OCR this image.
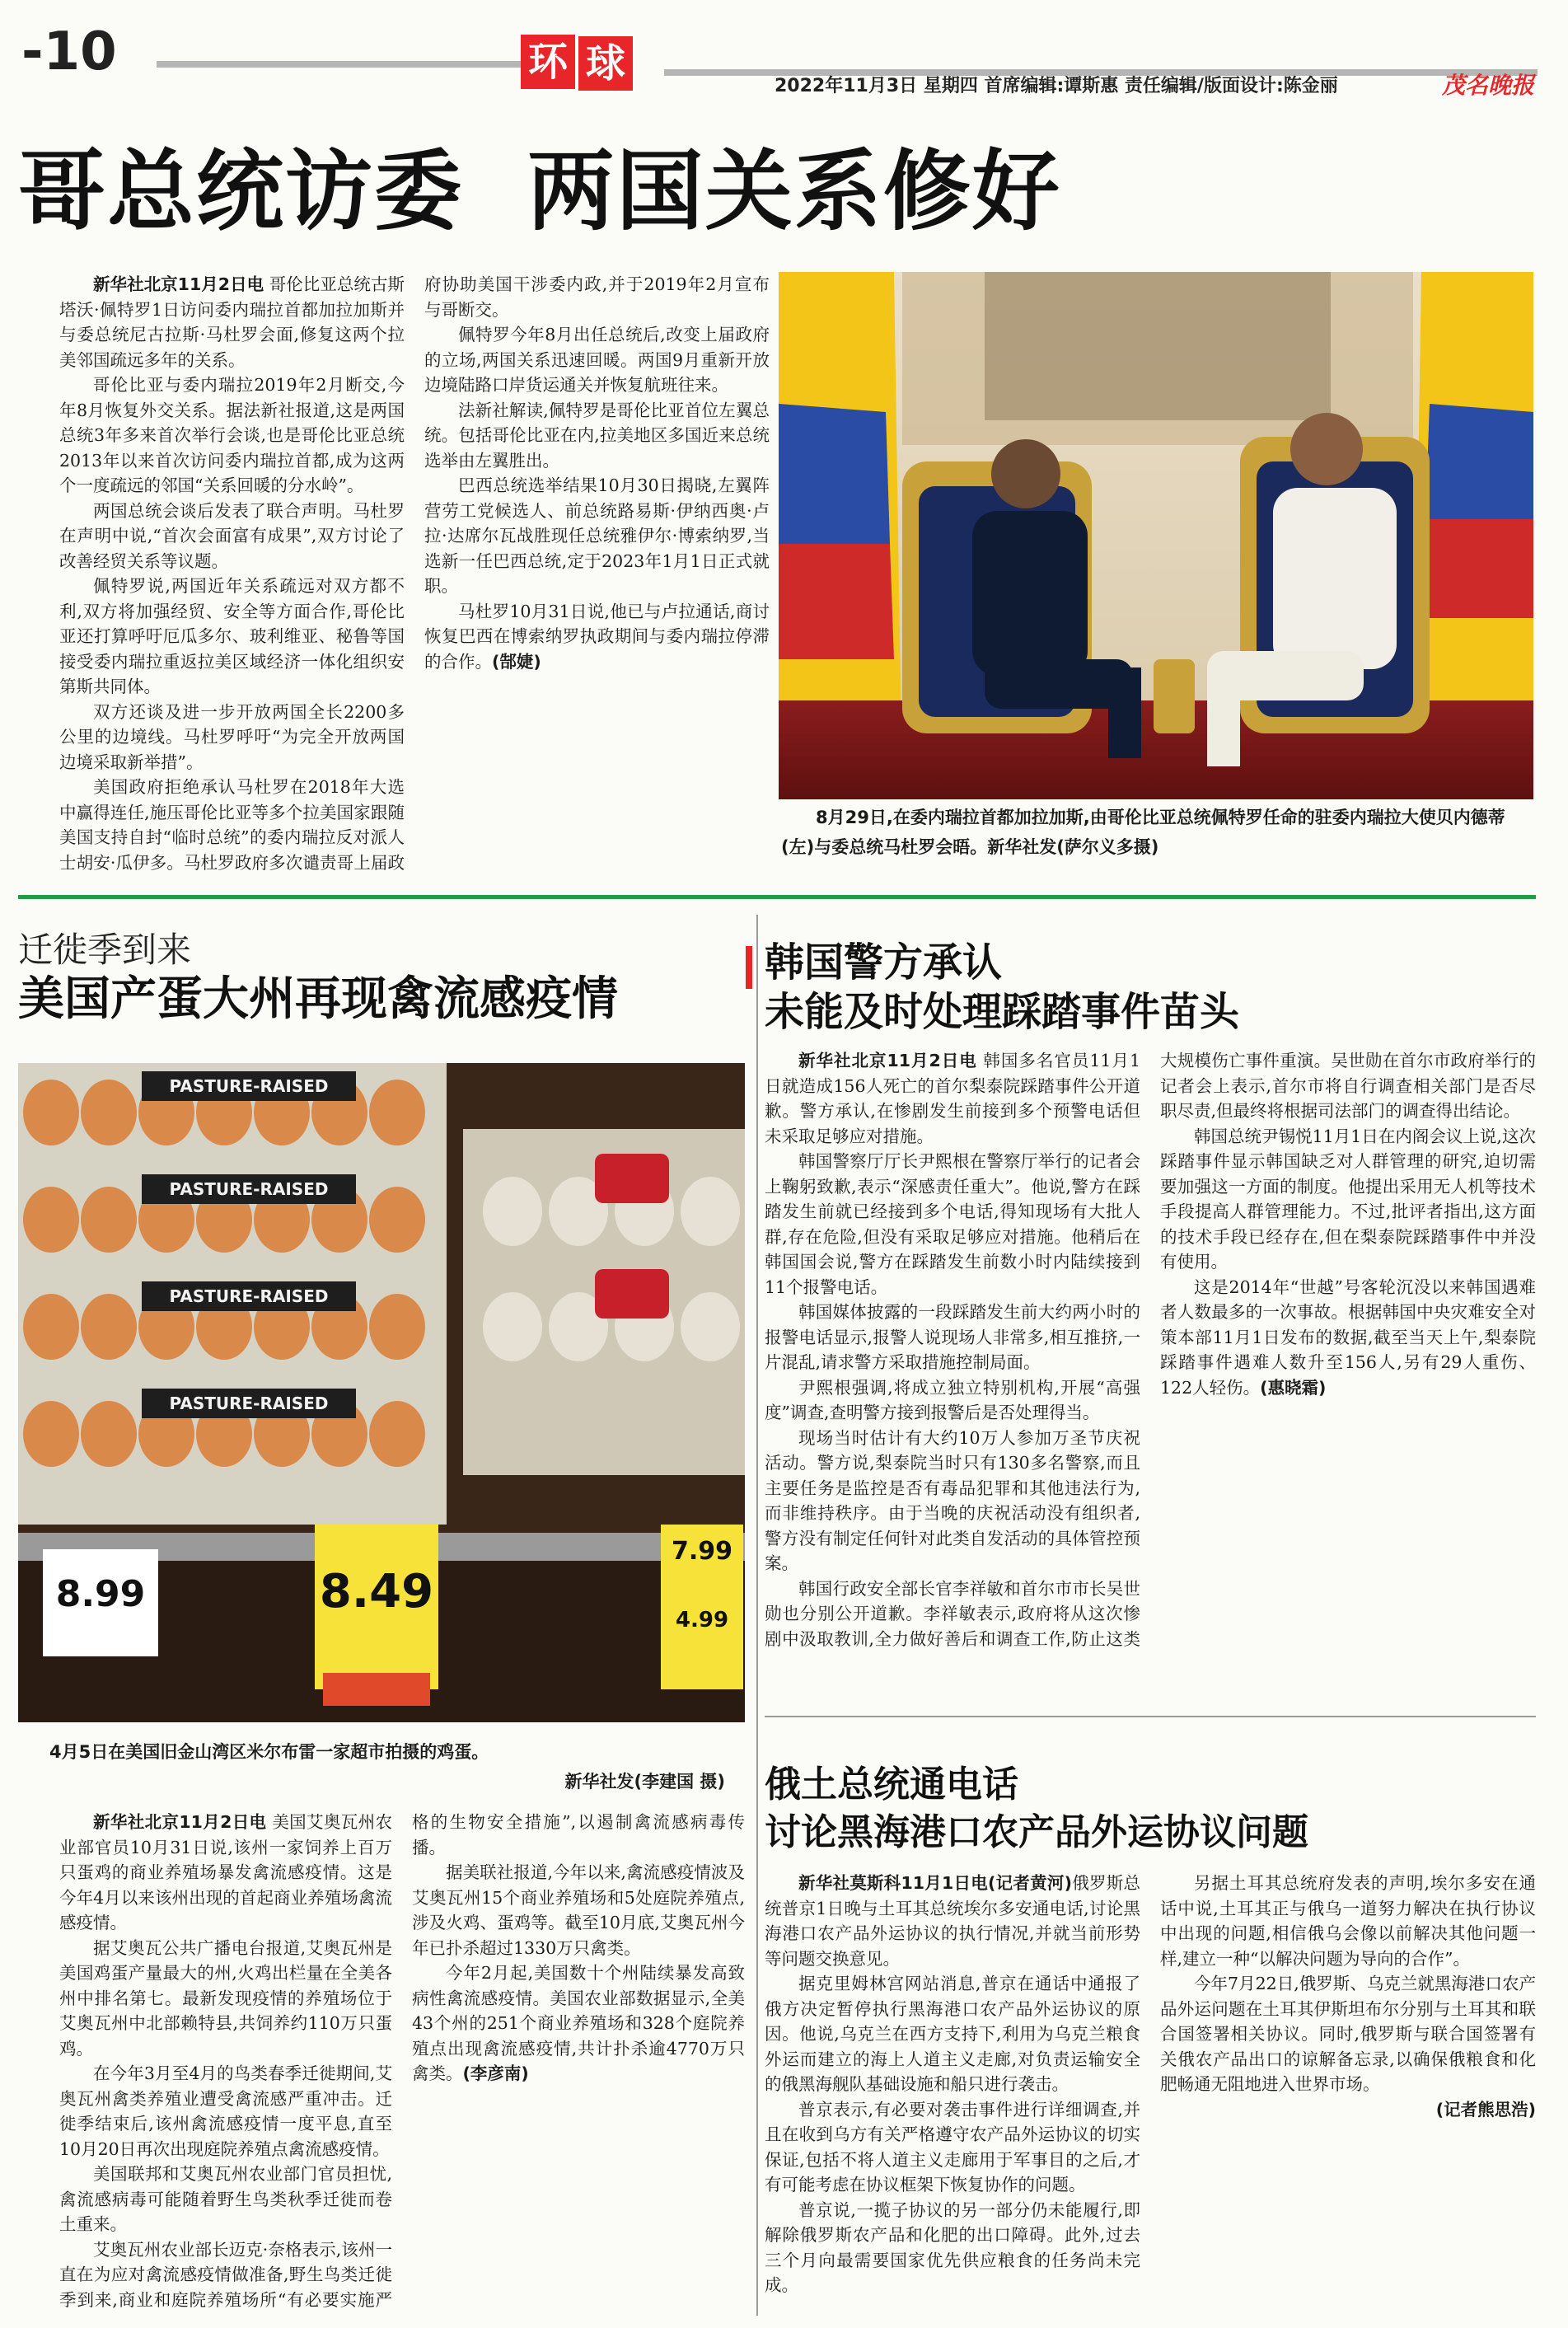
-10	环 球	2022年11月3日 星期四 首席编辑:谭斯惠 责任编辑/版面设计:陈金丽	茂名晚报
哥总统访委  两国关系修好

新华社北京11月2日电 哥伦比亚总统古斯塔沃·佩特罗1日访问委内瑞拉首都加拉加斯并与委总统尼古拉斯·马杜罗会面,修复这两个拉美邻国疏远多年的关系。

哥伦比亚与委内瑞拉2019年2月断交,今年8月恢复外交关系。据法新社报道,这是两国总统3年多来首次举行会谈,也是哥伦比亚总统2013年以来首次访问委内瑞拉首都,成为这两个一度疏远的邻国“关系回暖的分水岭”。

两国总统会谈后发表了联合声明。马杜罗在声明中说,“首次会面富有成果”,双方讨论了改善经贸关系等议题。

佩特罗说,两国近年关系疏远对双方都不利,双方将加强经贸、安全等方面合作,哥伦比亚还打算呼吁厄瓜多尔、玻利维亚、秘鲁等国接受委内瑞拉重返拉美区域经济一体化组织安第斯共同体。

双方还谈及进一步开放两国全长2200多公里的边境线。马杜罗呼吁“为完全开放两国边境采取新举措”。

美国政府拒绝承认马杜罗在2018年大选中赢得连任,施压哥伦比亚等多个拉美国家跟随美国支持自封“临时总统”的委内瑞拉反对派人士胡安·瓜伊多。马杜罗政府多次谴责哥上届政府协助美国干涉委内政,并于2019年2月宣布与哥断交。

佩特罗今年8月出任总统后,改变上届政府的立场,两国关系迅速回暖。两国9月重新开放边境陆路口岸货运通关并恢复航班往来。

法新社解读,佩特罗是哥伦比亚首位左翼总统。包括哥伦比亚在内,拉美地区多国近来总统选举由左翼胜出。

巴西总统选举结果10月30日揭晓,左翼阵营劳工党候选人、前总统路易斯·伊纳西奥·卢拉·达席尔瓦战胜现任总统雅伊尔·博索纳罗,当选新一任巴西总统,定于2023年1月1日正式就职。

马杜罗10月31日说,他已与卢拉通话,商讨恢复巴西在博索纳罗执政期间与委内瑞拉停滞的合作。(郜婕)

8月29日,在委内瑞拉首都加拉加斯,由哥伦比亚总统佩特罗任命的驻委内瑞拉大使贝内德蒂(左)与委总统马杜罗会晤。新华社发(萨尔义多摄)
迁徙季到来
美国产蛋大州再现禽流感疫情
PASTURE-RAISED
PASTURE-RAISED
PASTURE-RAISED
PASTURE-RAISED
8.99	8.49
7.99
4.99
4月5日在美国旧金山湾区米尔布雷一家超市拍摄的鸡蛋。
新华社发(李建国 摄)

新华社北京11月2日电 美国艾奥瓦州农业部官员10月31日说,该州一家饲养上百万只蛋鸡的商业养殖场暴发禽流感疫情。这是今年4月以来该州出现的首起商业养殖场禽流感疫情。

据艾奥瓦公共广播电台报道,艾奥瓦州是美国鸡蛋产量最大的州,火鸡出栏量在全美各州中排名第七。最新发现疫情的养殖场位于艾奥瓦州中北部赖特县,共饲养约110万只蛋鸡。

在今年3月至4月的鸟类春季迁徙期间,艾奥瓦州禽类养殖业遭受禽流感严重冲击。迁徙季结束后,该州禽流感疫情一度平息,直至10月20日再次出现庭院养殖点禽流感疫情。

美国联邦和艾奥瓦州农业部门官员担忧,禽流感病毒可能随着野生鸟类秋季迁徙而卷土重来。

艾奥瓦州农业部长迈克·奈格表示,该州一直在为应对禽流感疫情做准备,野生鸟类迁徙季到来,商业和庭院养殖场所“有必要实施严格的生物安全措施”,以遏制禽流感病毒传播。

据美联社报道,今年以来,禽流感疫情波及艾奥瓦州15个商业养殖场和5处庭院养殖点,涉及火鸡、蛋鸡等。截至10月底,艾奥瓦州今年已扑杀超过1330万只禽类。

今年2月起,美国数十个州陆续暴发高致病性禽流感疫情。美国农业部数据显示,全美43个州的251个商业养殖场和328个庭院养殖点出现禽流感疫情,共计扑杀逾4770万只禽类。(李彦南)

韩国警方承认
未能及时处理踩踏事件苗头

新华社北京11月2日电 韩国多名官员11月1日就造成156人死亡的首尔梨泰院踩踏事件公开道歉。警方承认,在惨剧发生前接到多个预警电话但未采取足够应对措施。

韩国警察厅厅长尹熙根在警察厅举行的记者会上鞠躬致歉,表示“深感责任重大”。他说,警方在踩踏发生前就已经接到多个电话,得知现场有大批人群,存在危险,但没有采取足够应对措施。他稍后在韩国国会说,警方在踩踏发生前数小时内陆续接到11个报警电话。

韩国媒体披露的一段踩踏发生前大约两小时的报警电话显示,报警人说现场人非常多,相互推挤,一片混乱,请求警方采取措施控制局面。

尹熙根强调,将成立独立特别机构,开展“高强度”调查,查明警方接到报警后是否处理得当。

现场当时估计有大约10万人参加万圣节庆祝活动。警方说,梨泰院当时只有130多名警察,而且主要任务是监控是否有毒品犯罪和其他违法行为,而非维持秩序。由于当晚的庆祝活动没有组织者,警方没有制定任何针对此类自发活动的具体管控预案。

韩国行政安全部长官李祥敏和首尔市市长吴世勋也分别公开道歉。李祥敏表示,政府将从这次惨剧中汲取教训,全力做好善后和调查工作,防止这类大规模伤亡事件重演。吴世勋在首尔市政府举行的记者会上表示,首尔市将自行调查相关部门是否尽职尽责,但最终将根据司法部门的调查得出结论。

韩国总统尹锡悦11月1日在内阁会议上说,这次踩踏事件显示韩国缺乏对人群管理的研究,迫切需要加强这一方面的制度。他提出采用无人机等技术手段提高人群管理能力。不过,批评者指出,这方面的技术手段已经存在,但在梨泰院踩踏事件中并没有使用。

这是2014年“世越”号客轮沉没以来韩国遇难者人数最多的一次事故。根据韩国中央灾难安全对策本部11月1日发布的数据,截至当天上午,梨泰院踩踏事件遇难人数升至156人,另有29人重伤、122人轻伤。(惠晓霜)

俄土总统通电话
讨论黑海港口农产品外运协议问题

新华社莫斯科11月1日电(记者黄河)俄罗斯总统普京1日晚与土耳其总统埃尔多安通电话,讨论黑海港口农产品外运协议的执行情况,并就当前形势等问题交换意见。

据克里姆林宫网站消息,普京在通话中通报了俄方决定暂停执行黑海港口农产品外运协议的原因。他说,乌克兰在西方支持下,利用为乌克兰粮食外运而建立的海上人道主义走廊,对负责运输安全的俄黑海舰队基础设施和船只进行袭击。

普京表示,有必要对袭击事件进行详细调查,并且在收到乌方有关严格遵守农产品外运协议的切实保证,包括不将人道主义走廊用于军事目的之后,才有可能考虑在协议框架下恢复协作的问题。

普京说,一揽子协议的另一部分仍未能履行,即解除俄罗斯农产品和化肥的出口障碍。此外,过去三个月向最需要国家优先供应粮食的任务尚未完成。

另据土耳其总统府发表的声明,埃尔多安在通话中说,土耳其正与俄乌一道努力解决在执行协议中出现的问题,相信俄乌会像以前解决其他问题一样,建立一种“以解决问题为导向的合作”。

今年7月22日,俄罗斯、乌克兰就黑海港口农产品外运问题在土耳其伊斯坦布尔分别与土耳其和联合国签署相关协议。同时,俄罗斯与联合国签署有关俄农产品出口的谅解备忘录,以确保俄粮食和化肥畅通无阻地进入世界市场。

(记者熊思浩)
